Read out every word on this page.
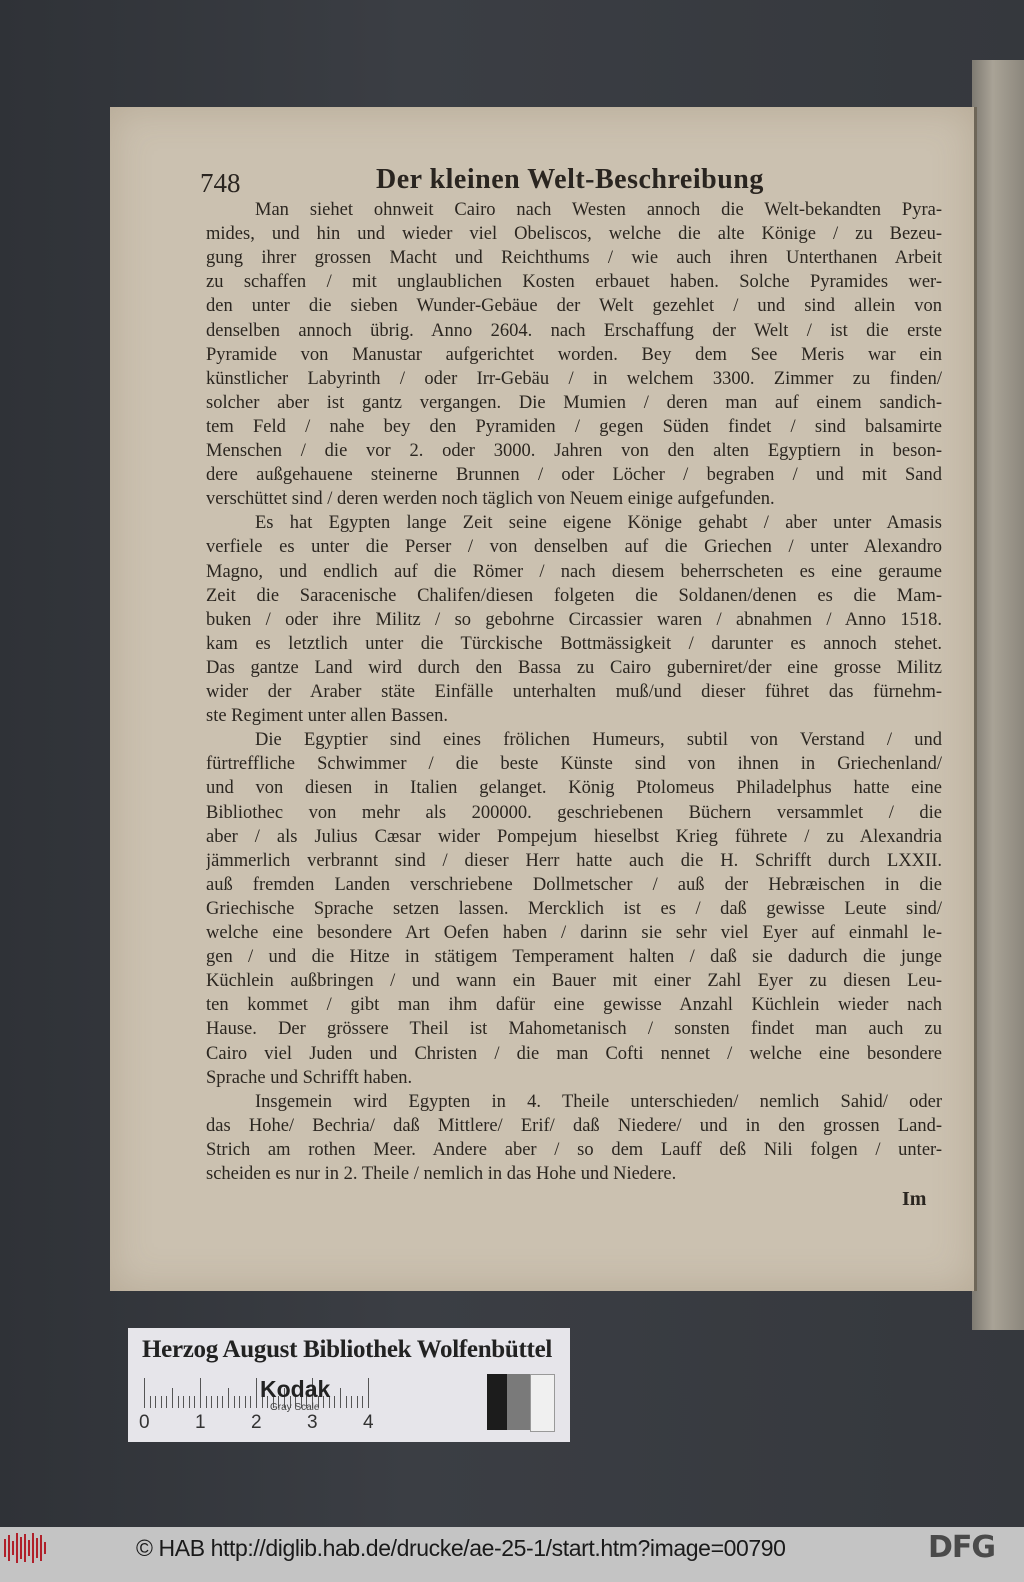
748	Der kleinen Welt-Beschreibung
Man siehet ohnweit Cairo nach Westen annoch die Welt-bekandten Pyra-
mides, und hin und wieder viel Obeliscos, welche die alte Könige / zu Bezeu-
gung ihrer grossen Macht und Reichthums / wie auch ihren Unterthanen Arbeit
zu schaffen / mit unglaublichen Kosten erbauet haben. Solche Pyramides wer-
den unter die sieben Wunder-Gebäue der Welt gezehlet / und sind allein von
denselben annoch übrig. Anno 2604. nach Erschaffung der Welt / ist die erste
Pyramide von Manustar aufgerichtet worden. Bey dem See Meris war ein
künstlicher Labyrinth / oder Irr-Gebäu / in welchem 3300. Zimmer zu finden/
solcher aber ist gantz vergangen. Die Mumien / deren man auf einem sandich-
tem Feld / nahe bey den Pyramiden / gegen Süden findet / sind balsamirte
Menschen / die vor 2. oder 3000. Jahren von den alten Egyptiern in beson-
dere außgehauene steinerne Brunnen / oder Löcher / begraben / und mit Sand
verschüttet sind / deren werden noch täglich von Neuem einige aufgefunden.
Es hat Egypten lange Zeit seine eigene Könige gehabt / aber unter Amasis
verfiele es unter die Perser / von denselben auf die Griechen / unter Alexandro
Magno, und endlich auf die Römer / nach diesem beherrscheten es eine geraume
Zeit die Saracenische Chalifen/diesen folgeten die Soldanen/denen es die Mam-
buken / oder ihre Militz / so gebohrne Circassier waren / abnahmen / Anno 1518.
kam es letztlich unter die Türckische Bottmässigkeit / darunter es annoch stehet.
Das gantze Land wird durch den Bassa zu Cairo guberniret/der eine grosse Militz
wider der Araber stäte Einfälle unterhalten muß/und dieser führet das fürnehm-
ste Regiment unter allen Bassen.
Die Egyptier sind eines frölichen Humeurs, subtil von Verstand / und
fürtreffliche Schwimmer / die beste Künste sind von ihnen in Griechenland/
und von diesen in Italien gelanget. König Ptolomeus Philadelphus hatte eine
Bibliothec von mehr als 200000. geschriebenen Büchern versammlet / die
aber / als Julius Cæsar wider Pompejum hieselbst Krieg führete / zu Alexandria
jämmerlich verbrannt sind / dieser Herr hatte auch die H. Schrifft durch LXXII.
auß fremden Landen verschriebene Dollmetscher / auß der Hebræischen in die
Griechische Sprache setzen lassen. Mercklich ist es / daß gewisse Leute sind/
welche eine besondere Art Oefen haben / darinn sie sehr viel Eyer auf einmahl le-
gen / und die Hitze in stätigem Temperament halten / daß sie dadurch die junge
Küchlein außbringen / und wann ein Bauer mit einer Zahl Eyer zu diesen Leu-
ten kommet / gibt man ihm dafür eine gewisse Anzahl Küchlein wieder nach
Hause. Der grössere Theil ist Mahometanisch / sonsten findet man auch zu
Cairo viel Juden und Christen / die man Cofti nennet / welche eine besondere
Sprache und Schrifft haben.
Insgemein wird Egypten in 4. Theile unterschieden/ nemlich Sahid/ oder
das Hohe/ Bechria/ daß Mittlere/ Erif/ daß Niedere/ und in den grossen Land-
Strich am rothen Meer. Andere aber / so dem Lauff deß Nili folgen / unter-
scheiden es nur in 2. Theile / nemlich in das Hohe und Niedere.
Im
Herzog August Bibliothek Wolfenbüttel
0 1 2 3 4
Kodak
Gray Scale
© HAB http://diglib.hab.de/drucke/ae-25-1/start.htm?image=00790	DFG
